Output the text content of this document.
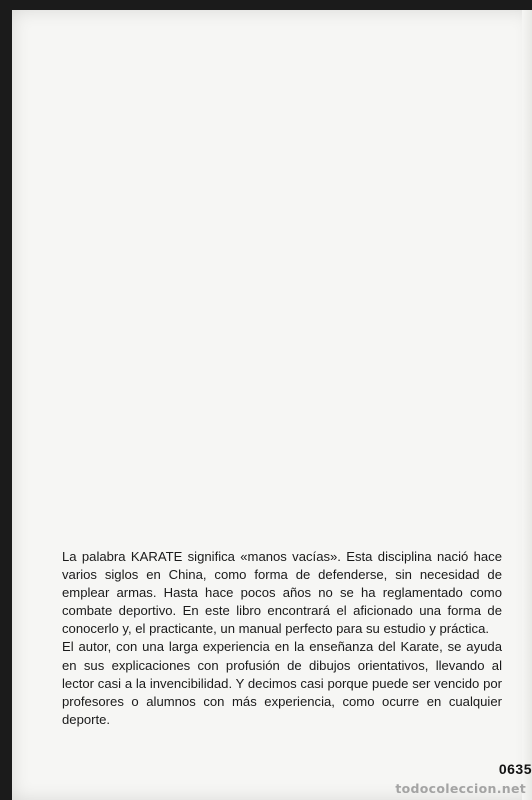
La palabra KARATE significa «manos vacías». Esta disciplina nació hace varios siglos en China, como forma de defenderse, sin necesidad de emplear armas. Hasta hace pocos años no se ha reglamentado como combate deportivo. En este libro encontrará el aficionado una forma de conocerlo y, el practicante, un manual perfecto para su estudio y práctica.

El autor, con una larga experiencia en la enseñanza del Karate, se ayuda en sus explicaciones con profusión de dibujos orientativos, llevando al lector casi a la invencibilidad. Y decimos casi porque puede ser vencido por profesores o alumnos con más experiencia, como ocurre en cualquier deporte.

0635
todocoleccion.net
